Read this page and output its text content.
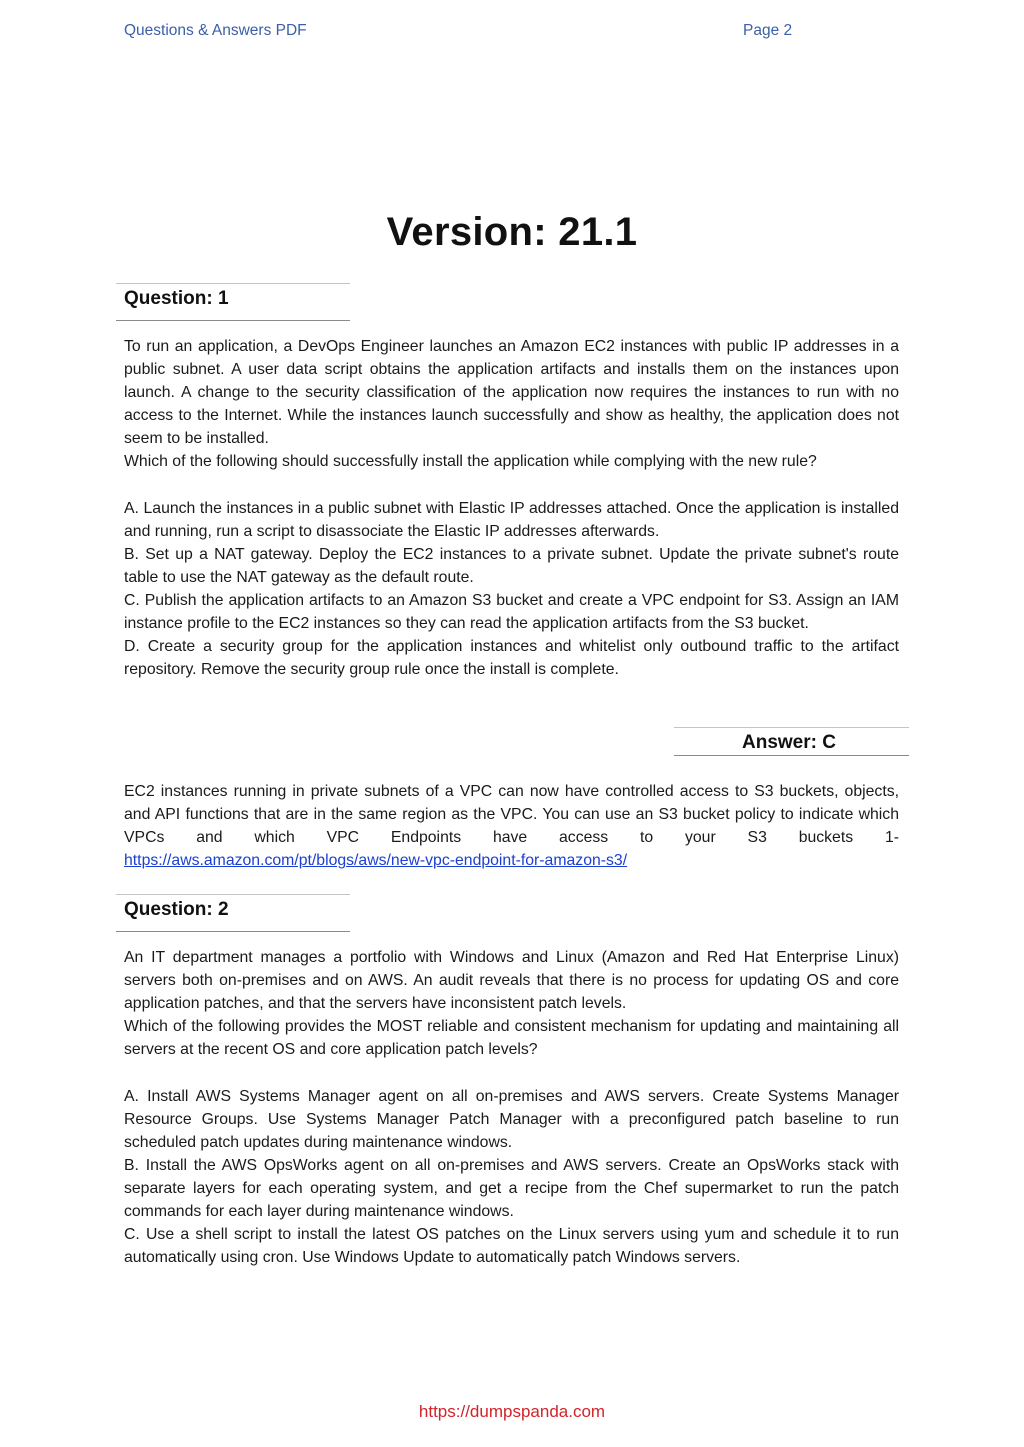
Questions & Answers PDF	Page 2
Version: 21.1
Question: 1

To run an application, a DevOps Engineer launches an Amazon EC2 instances with public IP addresses in a public subnet. A user data script obtains the application artifacts and installs them on the instances upon launch. A change to the security classification of the application now requires the instances to run with no access to the Internet. While the instances launch successfully and show as healthy, the application does not seem to be installed.

Which of the following should successfully install the application while complying with the new rule?

A. Launch the instances in a public subnet with Elastic IP addresses attached. Once the application is installed and running, run a script to disassociate the Elastic IP addresses afterwards.

B. Set up a NAT gateway. Deploy the EC2 instances to a private subnet. Update the private subnet's route table to use the NAT gateway as the default route.

C. Publish the application artifacts to an Amazon S3 bucket and create a VPC endpoint for S3. Assign an IAM instance profile to the EC2 instances so they can read the application artifacts from the S3 bucket.

D. Create a security group for the application instances and whitelist only outbound traffic to the artifact repository. Remove the security group rule once the install is complete.

Answer: C

EC2 instances running in private subnets of a VPC can now have controlled access to S3 buckets, objects, and API functions that are in the same region as the VPC. You can use an S3 bucket policy to indicate which VPCs and which VPC Endpoints have access to your S3 buckets 1- https://aws.amazon.com/pt/blogs/aws/new-vpc-endpoint-for-amazon-s3/

Question: 2

An IT department manages a portfolio with Windows and Linux (Amazon and Red Hat Enterprise Linux) servers both on-premises and on AWS. An audit reveals that there is no process for updating OS and core application patches, and that the servers have inconsistent patch levels.

Which of the following provides the MOST reliable and consistent mechanism for updating and maintaining all servers at the recent OS and core application patch levels?

A. Install AWS Systems Manager agent on all on-premises and AWS servers. Create Systems Manager Resource Groups. Use Systems Manager Patch Manager with a preconfigured patch baseline to run scheduled patch updates during maintenance windows.

B. Install the AWS OpsWorks agent on all on-premises and AWS servers. Create an OpsWorks stack with separate layers for each operating system, and get a recipe from the Chef supermarket to run the patch commands for each layer during maintenance windows.

C. Use a shell script to install the latest OS patches on the Linux servers using yum and schedule it to run automatically using cron. Use Windows Update to automatically patch Windows servers.

https://dumpspanda.com
